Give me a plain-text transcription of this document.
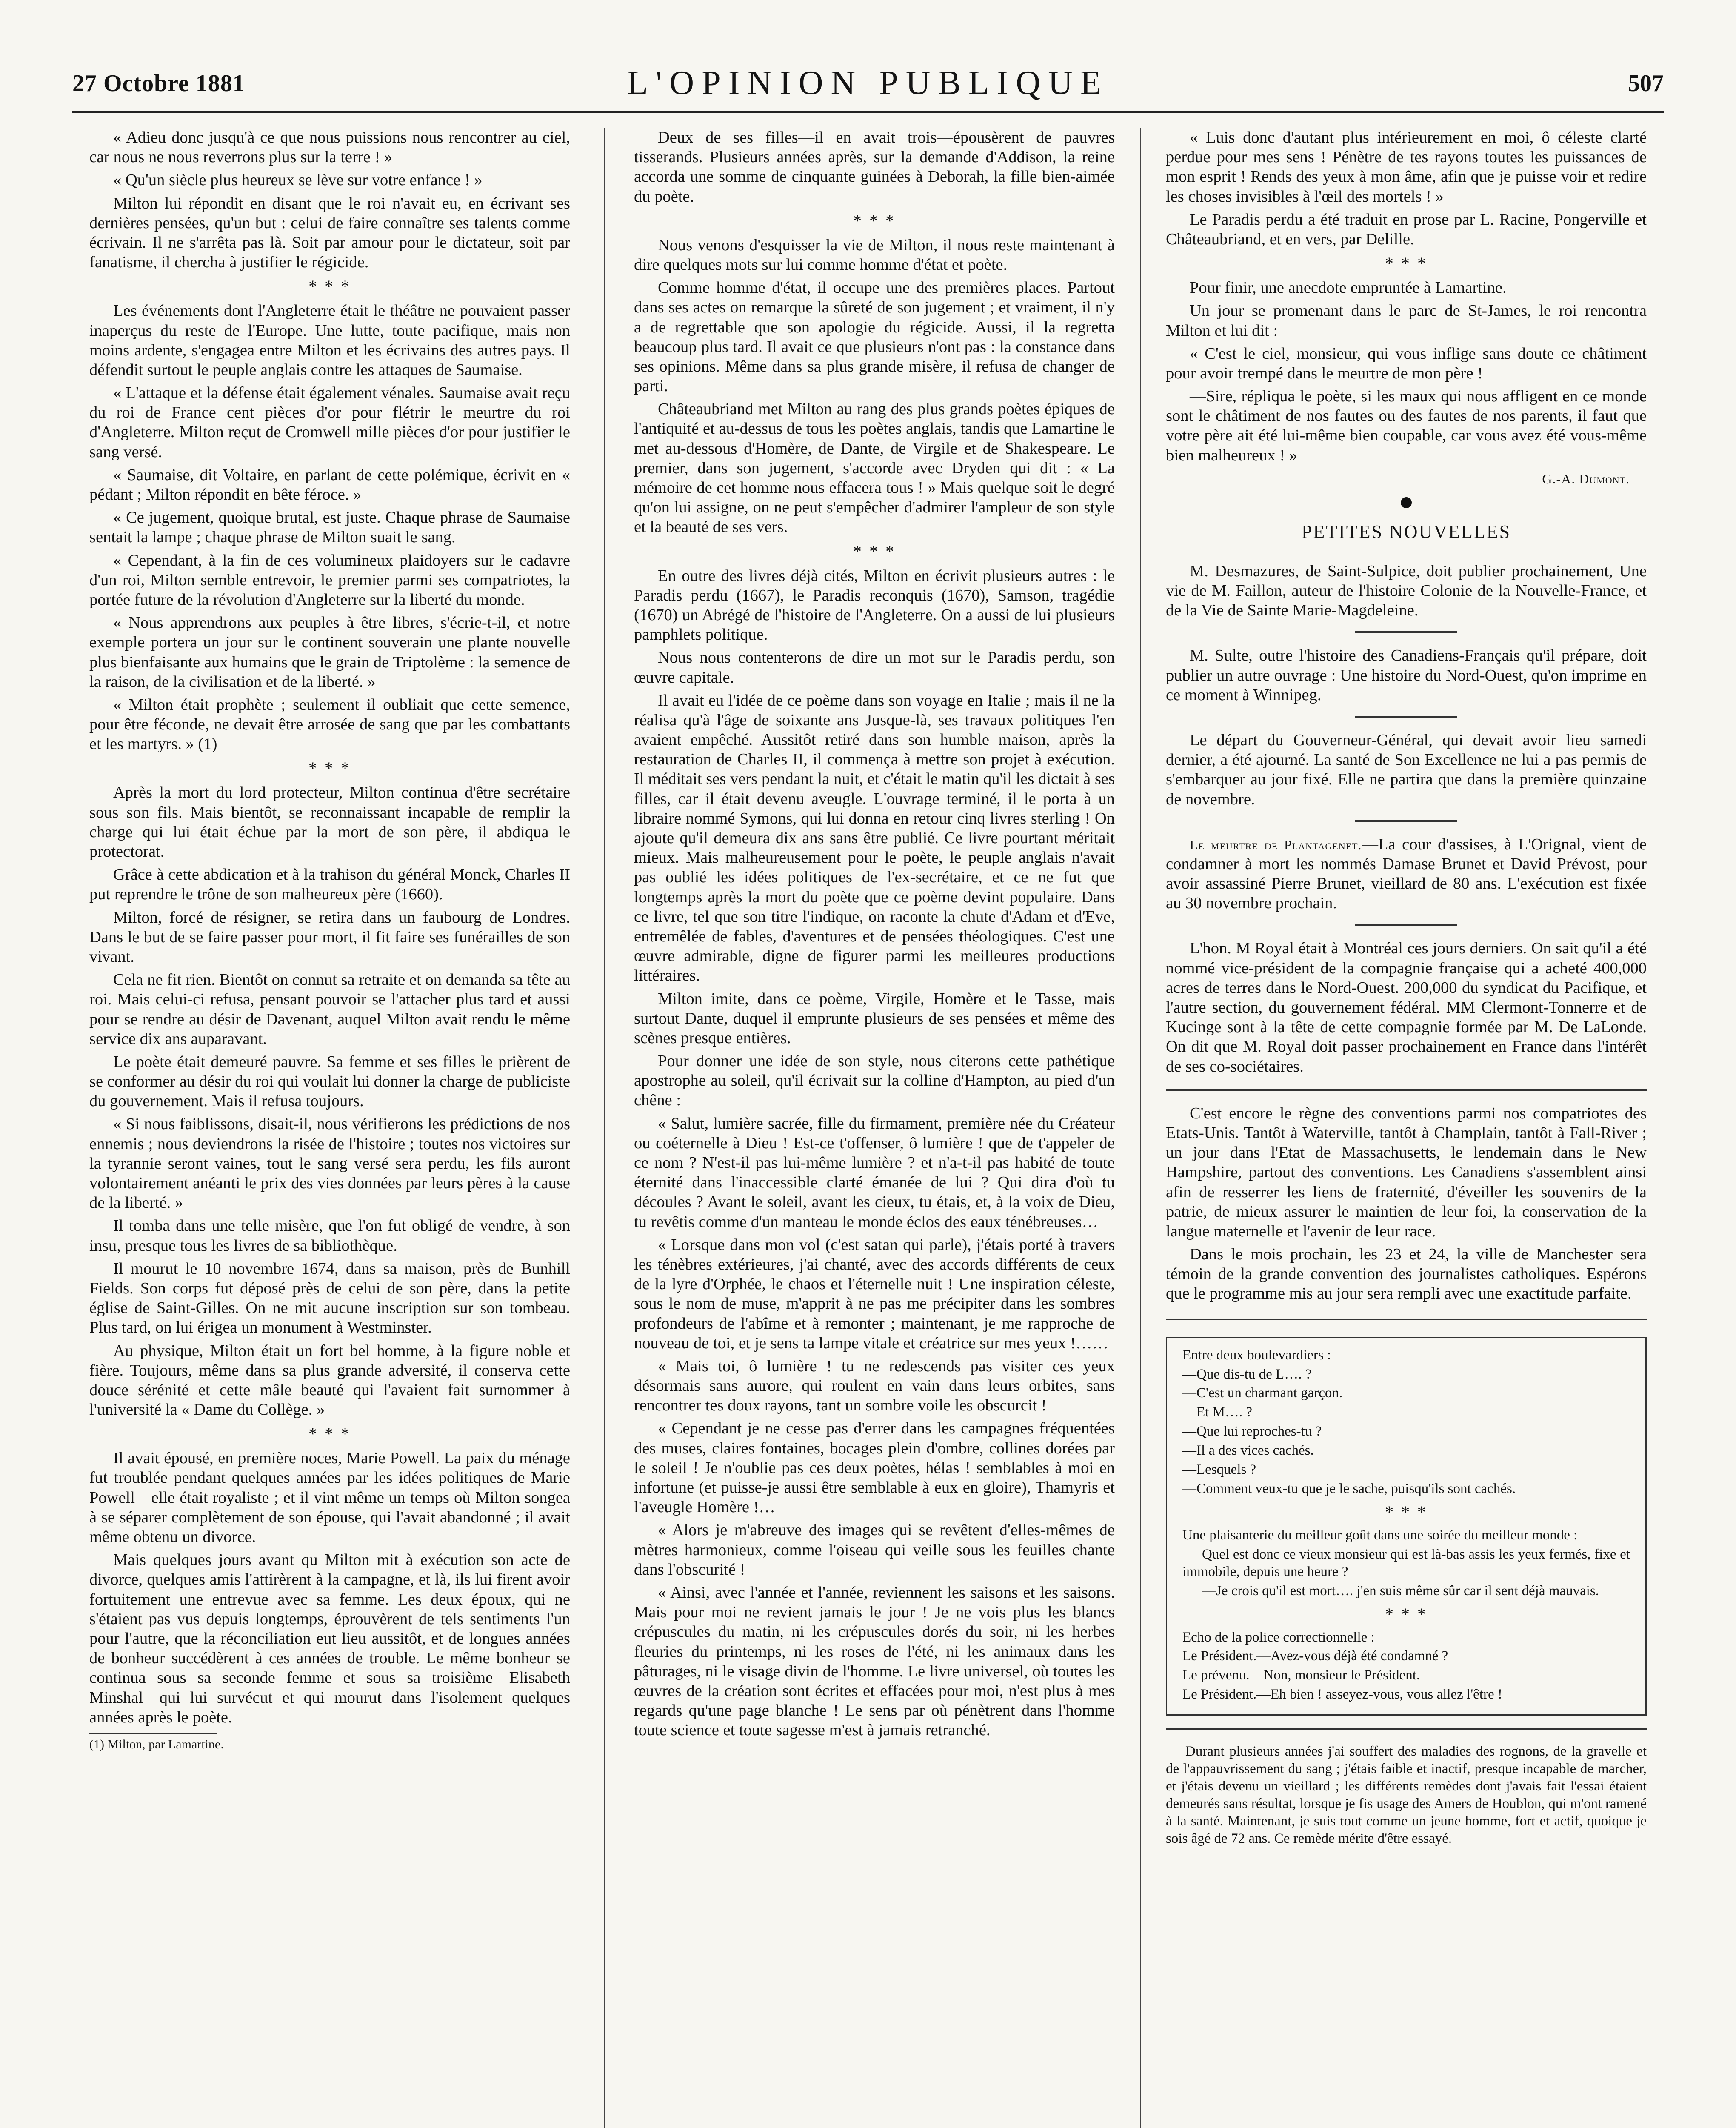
27 Octobre 1881	L'OPINION PUBLIQUE	507

« Adieu donc jusqu'à ce que nous puissions nous rencontrer au ciel, car nous ne nous reverrons plus sur la terre ! »

« Qu'un siècle plus heureux se lève sur votre enfance ! »

Milton lui répondit en disant que le roi n'avait eu, en écrivant ses dernières pensées, qu'un but : celui de faire connaître ses talents comme écrivain. Il ne s'arrêta pas là. Soit par amour pour le dictateur, soit par fanatisme, il chercha à justifier le régicide.

* * *

Les événements dont l'Angleterre était le théâtre ne pouvaient passer inaperçus du reste de l'Europe. Une lutte, toute pacifique, mais non moins ardente, s'engagea entre Milton et les écrivains des autres pays. Il défendit surtout le peuple anglais contre les attaques de Saumaise.

« L'attaque et la défense était également vénales. Saumaise avait reçu du roi de France cent pièces d'or pour flétrir le meurtre du roi d'Angleterre. Milton reçut de Cromwell mille pièces d'or pour justifier le sang versé.

« Saumaise, dit Voltaire, en parlant de cette polémique, écrivit en « pédant ; Milton répondit en bête féroce. »

« Ce jugement, quoique brutal, est juste. Chaque phrase de Saumaise sentait la lampe ; chaque phrase de Milton suait le sang.

« Cependant, à la fin de ces volumineux plaidoyers sur le cadavre d'un roi, Milton semble entrevoir, le premier parmi ses compatriotes, la portée future de la révolution d'Angleterre sur la liberté du monde.

« Nous apprendrons aux peuples à être libres, s'écrie-t-il, et notre exemple portera un jour sur le continent souverain une plante nouvelle plus bienfaisante aux humains que le grain de Triptolème : la semence de la raison, de la civilisation et de la liberté. »

« Milton était prophète ; seulement il oubliait que cette semence, pour être féconde, ne devait être arrosée de sang que par les combattants et les martyrs. » (1)

* * *

Après la mort du lord protecteur, Milton continua d'être secrétaire sous son fils. Mais bientôt, se reconnaissant incapable de remplir la charge qui lui était échue par la mort de son père, il abdiqua le protectorat.

Grâce à cette abdication et à la trahison du général Monck, Charles II put reprendre le trône de son malheureux père (1660).

Milton, forcé de résigner, se retira dans un faubourg de Londres. Dans le but de se faire passer pour mort, il fit faire ses funérailles de son vivant.

Cela ne fit rien. Bientôt on connut sa retraite et on demanda sa tête au roi. Mais celui-ci refusa, pensant pouvoir se l'attacher plus tard et aussi pour se rendre au désir de Davenant, auquel Milton avait rendu le même service dix ans auparavant.

Le poète était demeuré pauvre. Sa femme et ses filles le prièrent de se conformer au désir du roi qui voulait lui donner la charge de publiciste du gouvernement. Mais il refusa toujours.

« Si nous faiblissons, disait-il, nous vérifierons les prédictions de nos ennemis ; nous deviendrons la risée de l'histoire ; toutes nos victoires sur la tyrannie seront vaines, tout le sang versé sera perdu, les fils auront volontairement anéanti le prix des vies données par leurs pères à la cause de la liberté. »

Il tomba dans une telle misère, que l'on fut obligé de vendre, à son insu, presque tous les livres de sa bibliothèque.

Il mourut le 10 novembre 1674, dans sa maison, près de Bunhill Fields. Son corps fut déposé près de celui de son père, dans la petite église de Saint-Gilles. On ne mit aucune inscription sur son tombeau. Plus tard, on lui érigea un monument à Westminster.

Au physique, Milton était un fort bel homme, à la figure noble et fière. Toujours, même dans sa plus grande adversité, il conserva cette douce sérénité et cette mâle beauté qui l'avaient fait surnommer à l'université la « Dame du Collège. »

* * *

Il avait épousé, en première noces, Marie Powell. La paix du ménage fut troublée pendant quelques années par les idées politiques de Marie Powell—elle était royaliste ; et il vint même un temps où Milton songea à se séparer complètement de son épouse, qui l'avait abandonné ; il avait même obtenu un divorce.

Mais quelques jours avant qu Milton mit à exécution son acte de divorce, quelques amis l'attirèrent à la campagne, et là, ils lui firent avoir fortuitement une entrevue avec sa femme. Les deux époux, qui ne s'étaient pas vus depuis longtemps, éprouvèrent de tels sentiments l'un pour l'autre, que la réconciliation eut lieu aussitôt, et de longues années de bonheur succédèrent à ces années de trouble. Le même bonheur se continua sous sa seconde femme et sous sa troisième—Elisabeth Minshal—qui lui survécut et qui mourut dans l'isolement quelques années après le poète.

(1) Milton, par Lamartine.

Deux de ses filles—il en avait trois—épousèrent de pauvres tisserands. Plusieurs années après, sur la demande d'Addison, la reine accorda une somme de cinquante guinées à Deborah, la fille bien-aimée du poète.

* * *

Nous venons d'esquisser la vie de Milton, il nous reste maintenant à dire quelques mots sur lui comme homme d'état et poète.

Comme homme d'état, il occupe une des premières places. Partout dans ses actes on remarque la sûreté de son jugement ; et vraiment, il n'y a de regrettable que son apologie du régicide. Aussi, il la regretta beaucoup plus tard. Il avait ce que plusieurs n'ont pas : la constance dans ses opinions. Même dans sa plus grande misère, il refusa de changer de parti.

Châteaubriand met Milton au rang des plus grands poètes épiques de l'antiquité et au-dessus de tous les poètes anglais, tandis que Lamartine le met au-dessous d'Homère, de Dante, de Virgile et de Shakespeare. Le premier, dans son jugement, s'accorde avec Dryden qui dit : « La mémoire de cet homme nous effacera tous ! » Mais quelque soit le degré qu'on lui assigne, on ne peut s'empêcher d'admirer l'ampleur de son style et la beauté de ses vers.

* * *

En outre des livres déjà cités, Milton en écrivit plusieurs autres : le Paradis perdu (1667), le Paradis reconquis (1670), Samson, tragédie (1670) un Abrégé de l'histoire de l'Angleterre. On a aussi de lui plusieurs pamphlets politique.

Nous nous contenterons de dire un mot sur le Paradis perdu, son œuvre capitale.

Il avait eu l'idée de ce poème dans son voyage en Italie ; mais il ne la réalisa qu'à l'âge de soixante ans Jusque-là, ses travaux politiques l'en avaient empêché. Aussitôt retiré dans son humble maison, après la restauration de Charles II, il commença à mettre son projet à exécution. Il méditait ses vers pendant la nuit, et c'était le matin qu'il les dictait à ses filles, car il était devenu aveugle. L'ouvrage terminé, il le porta à un libraire nommé Symons, qui lui donna en retour cinq livres sterling ! On ajoute qu'il demeura dix ans sans être publié. Ce livre pourtant méritait mieux. Mais malheureusement pour le poète, le peuple anglais n'avait pas oublié les idées politiques de l'ex-secrétaire, et ce ne fut que longtemps après la mort du poète que ce poème devint populaire. Dans ce livre, tel que son titre l'indique, on raconte la chute d'Adam et d'Eve, entremêlée de fables, d'aventures et de pensées théologiques. C'est une œuvre admirable, digne de figurer parmi les meilleures productions littéraires.

Milton imite, dans ce poème, Virgile, Homère et le Tasse, mais surtout Dante, duquel il emprunte plusieurs de ses pensées et même des scènes presque entières.

Pour donner une idée de son style, nous citerons cette pathétique apostrophe au soleil, qu'il écrivait sur la colline d'Hampton, au pied d'un chêne :

« Salut, lumière sacrée, fille du firmament, première née du Créateur ou coéternelle à Dieu ! Est-ce t'offenser, ô lumière ! que de t'appeler de ce nom ? N'est-il pas lui-même lumière ? et n'a-t-il pas habité de toute éternité dans l'inaccessible clarté émanée de lui ? Qui dira d'où tu découles ? Avant le soleil, avant les cieux, tu étais, et, à la voix de Dieu, tu revêtis comme d'un manteau le monde éclos des eaux ténébreuses…

« Lorsque dans mon vol (c'est satan qui parle), j'étais porté à travers les ténèbres extérieures, j'ai chanté, avec des accords différents de ceux de la lyre d'Orphée, le chaos et l'éternelle nuit ! Une inspiration céleste, sous le nom de muse, m'apprit à ne pas me précipiter dans les sombres profondeurs de l'abîme et à remonter ; maintenant, je me rapproche de nouveau de toi, et je sens ta lampe vitale et créatrice sur mes yeux !……

« Mais toi, ô lumière ! tu ne redescends pas visiter ces yeux désormais sans aurore, qui roulent en vain dans leurs orbites, sans rencontrer tes doux rayons, tant un sombre voile les obscurcit !

« Cependant je ne cesse pas d'errer dans les campagnes fréquentées des muses, claires fontaines, bocages plein d'ombre, collines dorées par le soleil ! Je n'oublie pas ces deux poètes, hélas ! semblables à moi en infortune (et puisse-je aussi être semblable à eux en gloire), Thamyris et l'aveugle Homère !…

« Alors je m'abreuve des images qui se revêtent d'elles-mêmes de mètres harmonieux, comme l'oiseau qui veille sous les feuilles chante dans l'obscurité !

« Ainsi, avec l'année et l'année, reviennent les saisons et les saisons. Mais pour moi ne revient jamais le jour ! Je ne vois plus les blancs crépuscules du matin, ni les crépuscules dorés du soir, ni les herbes fleuries du printemps, ni les roses de l'été, ni les animaux dans les pâturages, ni le visage divin de l'homme. Le livre universel, où toutes les œuvres de la création sont écrites et effacées pour moi, n'est plus à mes regards qu'une page blanche ! Le sens par où pénètrent dans l'homme toute science et toute sagesse m'est à jamais retranché.

« Luis donc d'autant plus intérieurement en moi, ô céleste clarté perdue pour mes sens ! Pénètre de tes rayons toutes les puissances de mon esprit ! Rends des yeux à mon âme, afin que je puisse voir et redire les choses invisibles à l'œil des mortels ! »

Le Paradis perdu a été traduit en prose par L. Racine, Pongerville et Châteaubriand, et en vers, par Delille.

* * *

Pour finir, une anecdote empruntée à Lamartine.

Un jour se promenant dans le parc de St-James, le roi rencontra Milton et lui dit :

« C'est le ciel, monsieur, qui vous inflige sans doute ce châtiment pour avoir trempé dans le meurtre de mon père !

—Sire, répliqua le poète, si les maux qui nous affligent en ce monde sont le châtiment de nos fautes ou des fautes de nos parents, il faut que votre père ait été lui-même bien coupable, car vous avez été vous-même bien malheureux ! »

G.-A. Dumont.
PETITES NOUVELLES

M. Desmazures, de Saint-Sulpice, doit publier prochainement, Une vie de M. Faillon, auteur de l'histoire Colonie de la Nouvelle-France, et de la Vie de Sainte Marie-Magdeleine.

M. Sulte, outre l'histoire des Canadiens-Français qu'il prépare, doit publier un autre ouvrage : Une histoire du Nord-Ouest, qu'on imprime en ce moment à Winnipeg.

Le départ du Gouverneur-Général, qui devait avoir lieu samedi dernier, a été ajourné. La santé de Son Excellence ne lui a pas permis de s'embarquer au jour fixé. Elle ne partira que dans la première quinzaine de novembre.

Le meurtre de Plantagenet.—La cour d'assises, à L'Orignal, vient de condamner à mort les nommés Damase Brunet et David Prévost, pour avoir assassiné Pierre Brunet, vieillard de 80 ans. L'exécution est fixée au 30 novembre prochain.

L'hon. M Royal était à Montréal ces jours derniers. On sait qu'il a été nommé vice-président de la compagnie française qui a acheté 400,000 acres de terres dans le Nord-Ouest. 200,000 du syndicat du Pacifique, et l'autre section, du gouvernement fédéral. MM Clermont-Tonnerre et de Kucinge sont à la tête de cette compagnie formée par M. De LaLonde. On dit que M. Royal doit passer prochainement en France dans l'intérêt de ses co-sociétaires.

C'est encore le règne des conventions parmi nos compatriotes des Etats-Unis. Tantôt à Waterville, tantôt à Champlain, tantôt à Fall-River ; un jour dans l'Etat de Massachusetts, le lendemain dans le New Hampshire, partout des conventions. Les Canadiens s'assemblent ainsi afin de resserrer les liens de fraternité, d'éveiller les souvenirs de la patrie, de mieux assurer le maintien de leur foi, la conservation de la langue maternelle et l'avenir de leur race.

Dans le mois prochain, les 23 et 24, la ville de Manchester sera témoin de la grande convention des journalistes catholiques. Espérons que le programme mis au jour sera rempli avec une exactitude parfaite.

Entre deux boulevardiers :

—Que dis-tu de L…. ?

—C'est un charmant garçon.

—Et M…. ?

—Que lui reproches-tu ?

—Il a des vices cachés.

—Lesquels ?

—Comment veux-tu que je le sache, puisqu'ils sont cachés.

* * *

Une plaisanterie du meilleur goût dans une soirée du meilleur monde :

Quel est donc ce vieux monsieur qui est là-bas assis les yeux fermés, fixe et immobile, depuis une heure ?

—Je crois qu'il est mort…. j'en suis même sûr car il sent déjà mauvais.

* * *

Echo de la police correctionnelle :

Le Président.—Avez-vous déjà été condamné ?

Le prévenu.—Non, monsieur le Président.

Le Président.—Eh bien ! asseyez-vous, vous allez l'être !

Durant plusieurs années j'ai souffert des maladies des rognons, de la gravelle et de l'appauvrissement du sang ; j'étais faible et inactif, presque incapable de marcher, et j'étais devenu un vieillard ; les différents remèdes dont j'avais fait l'essai étaient demeurés sans résultat, lorsque je fis usage des Amers de Houblon, qui m'ont ramené à la santé. Maintenant, je suis tout comme un jeune homme, fort et actif, quoique je sois âgé de 72 ans. Ce remède mérite d'être essayé.
